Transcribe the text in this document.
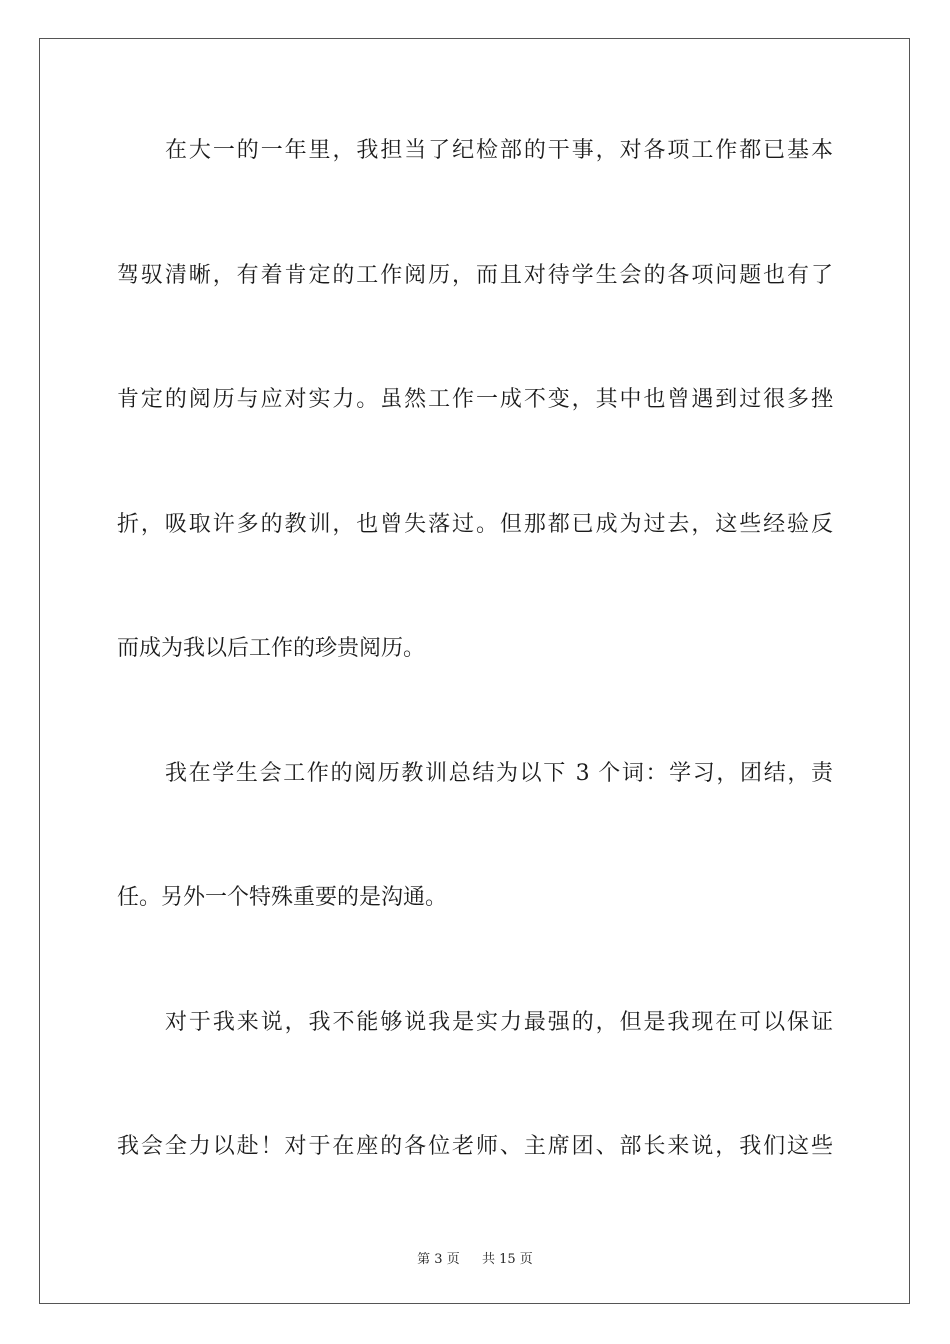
在大一的一年里，我担当了纪检部的干事，对各项工作都已基本
驾驭清晰，有着肯定的工作阅历，而且对待学生会的各项问题也有了
肯定的阅历与应对实力。虽然工作一成不变，其中也曾遇到过很多挫
折，吸取许多的教训，也曾失落过。但那都已成为过去，这些经验反
而成为我以后工作的珍贵阅历。
我在学生会工作的阅历教训总结为以下 3 个词：学习，团结，责
任。另外一个特殊重要的是沟通。
对于我来说，我不能够说我是实力最强的，但是我现在可以保证
我会全力以赴！对于在座的各位老师、主席团、部长来说，我们这些
第 3 页 共 15 页
